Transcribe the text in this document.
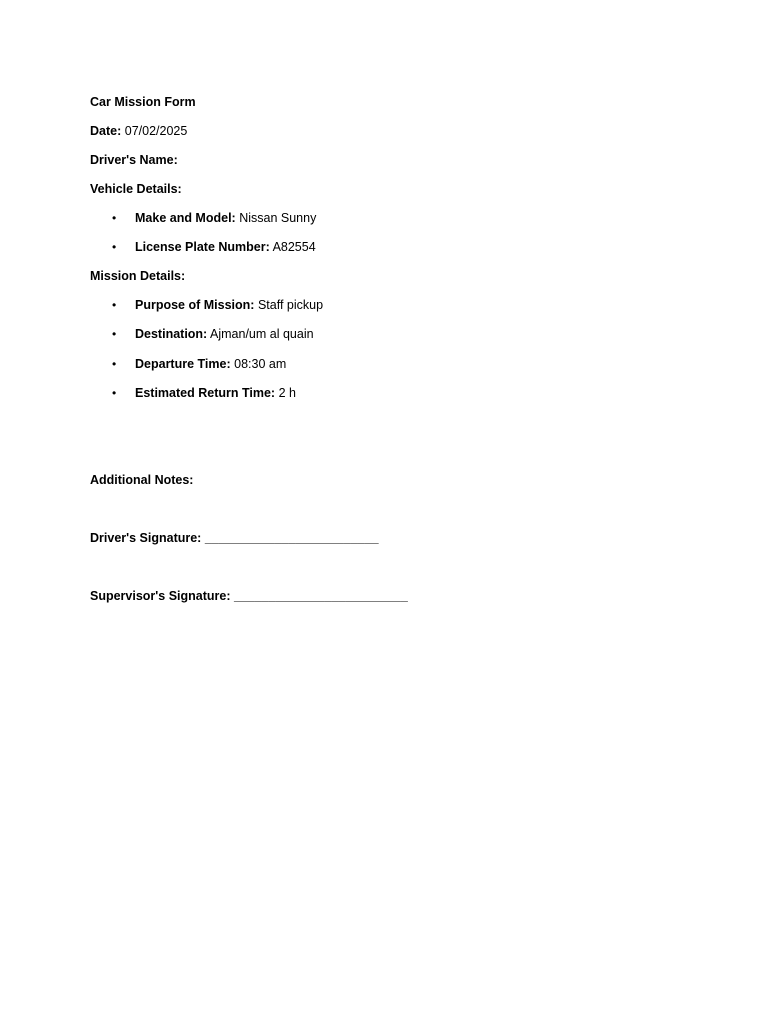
Car Mission Form
Date: 07/02/2025
Driver's Name:
Vehicle Details:
• Make and Model: Nissan Sunny
• License Plate Number: A82554
Mission Details:
• Purpose of Mission: Staff pickup
• Destination: Ajman/um al quain
• Departure Time: 08:30 am
• Estimated Return Time: 2 h
Additional Notes:
Driver's Signature: _________________________
Supervisor's Signature: _________________________
